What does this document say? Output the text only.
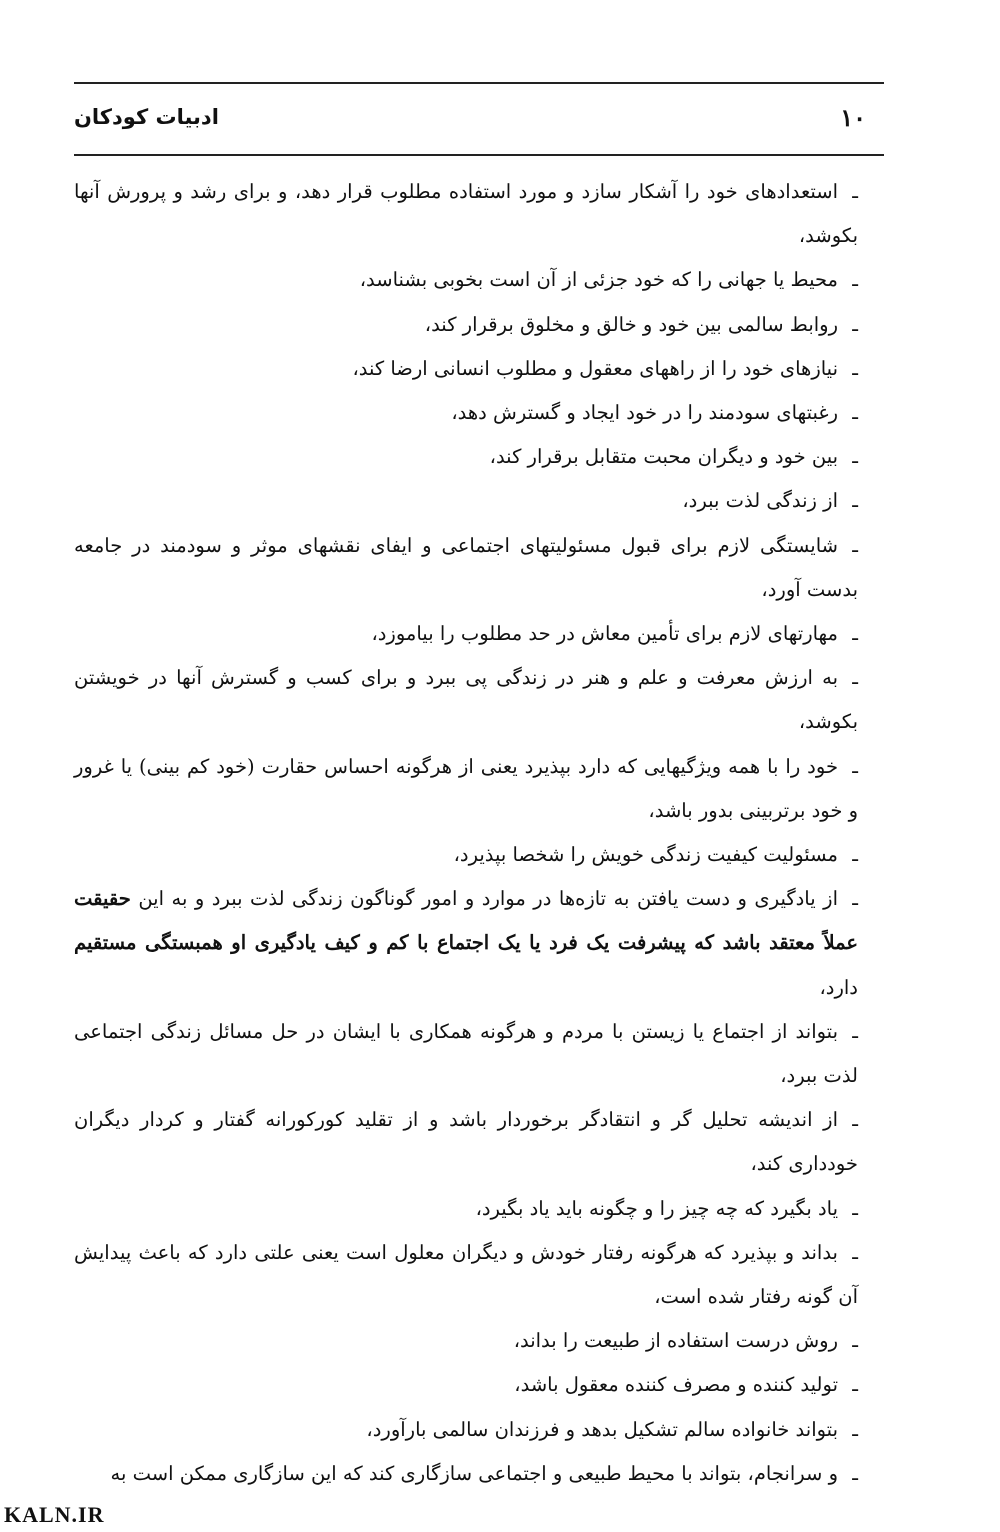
۱۰
ادبیات کودکان

ـاستعدادهای خود را آشکار سازد و مورد استفاده مطلوب قرار دهد، و برای رشد و پرورش آنها بکوشد،

ـمحیط یا جهانی را که خود جزئی از آن است بخوبی بشناسد،

ـروابط سالمی بین خود و خالق و مخلوق برقرار کند،

ـنیازهای خود را از راههای معقول و مطلوب انسانی ارضا کند،

ـرغبتهای سودمند را در خود ایجاد و گسترش دهد،

ـبین خود و دیگران محبت متقابل برقرار کند،

ـاز زندگی لذت ببرد،

ـشایستگی لازم برای قبول مسئولیتهای اجتماعی و ایفای نقشهای موثر و سودمند در جامعه بدست آورد،

ـمهارتهای لازم برای تأمین معاش در حد مطلوب را بیاموزد،

ـبه ارزش معرفت و علم و هنر در زندگی پی ببرد و برای کسب و گسترش آنها در خویشتن بکوشد،

ـخود را با همه ویژگیهایی که دارد بپذیرد یعنی از هرگونه احساس حقارت (خود کم بینی) یا غرور و خود برتربینی بدور باشد،

ـمسئولیت کیفیت زندگی خویش را شخصا بپذیرد،

ـاز یادگیری و دست یافتن به تازه‌ها در موارد و امور گوناگون زندگی لذت ببرد و به این حقیقت عملاً معتقد باشد که پیشرفت یک فرد یا یک اجتماع با کم و کیف یادگیری او همبستگی مستقیم دارد،

ـبتواند از اجتماع یا زیستن با مردم و هرگونه همکاری با ایشان در حل مسائل زندگی اجتماعی لذت ببرد،

ـاز اندیشه تحلیل گر و انتقادگر برخوردار باشد و از تقلید کورکورانه گفتار و کردار دیگران خودداری کند،

ـیاد بگیرد که چه چیز را و چگونه باید یاد بگیرد،

ـبداند و بپذیرد که هرگونه رفتار خودش و دیگران معلول است یعنی علتی دارد که باعث پیدایش آن گونه رفتار شده است،

ـروش درست استفاده از طبیعت را بداند،

ـتولید کننده و مصرف کننده معقول باشد،

ـبتواند خانواده سالم تشکیل بدهد و فرزندان سالمی بارآورد،

ـو سرانجام، بتواند با محیط طبیعی و اجتماعی سازگاری کند که این سازگاری ممکن است به

KALN.IR
